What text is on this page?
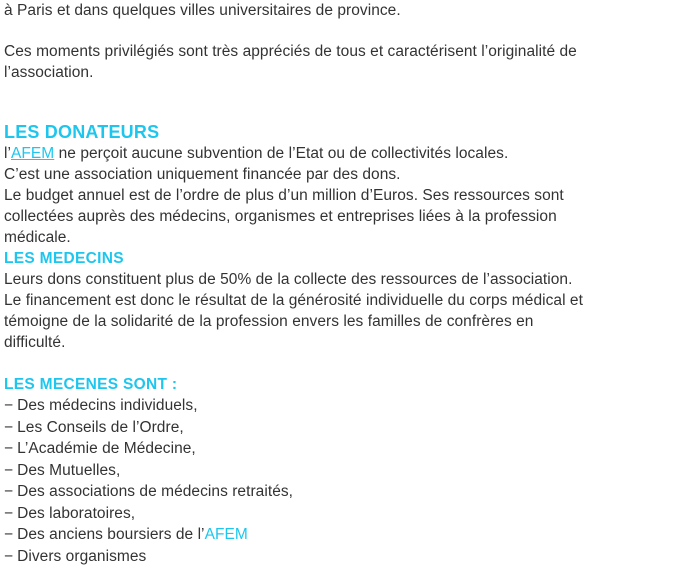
à Paris et dans quelques villes universitaires de province.

Ces moments privilégiés sont très appréciés de tous et caractérisent l’originalité de

l’association.

LES DONATEURS

l’AFEM ne perçoit aucune subvention de l’Etat ou de collectivités locales.

C’est une association uniquement financée par des dons.

Le budget annuel est de l’ordre de plus d’un million d’Euros. Ses ressources sont

collectées auprès des médecins, organismes et entreprises liées à la profession

médicale.

LES MEDECINS

Leurs dons constituent plus de 50% de la collecte des ressources de l’association.

Le financement est donc le résultat de la générosité individuelle du corps médical et

témoigne de la solidarité de la profession envers les familles de confrères en

difficulté.

LES MECENES SONT :
− Des médecins individuels,
− Les Conseils de l’Ordre,
− L’Académie de Médecine,
− Des Mutuelles,
− Des associations de médecins retraités,
− Des laboratoires,
− Des anciens boursiers de l’AFEM
− Divers organismes
